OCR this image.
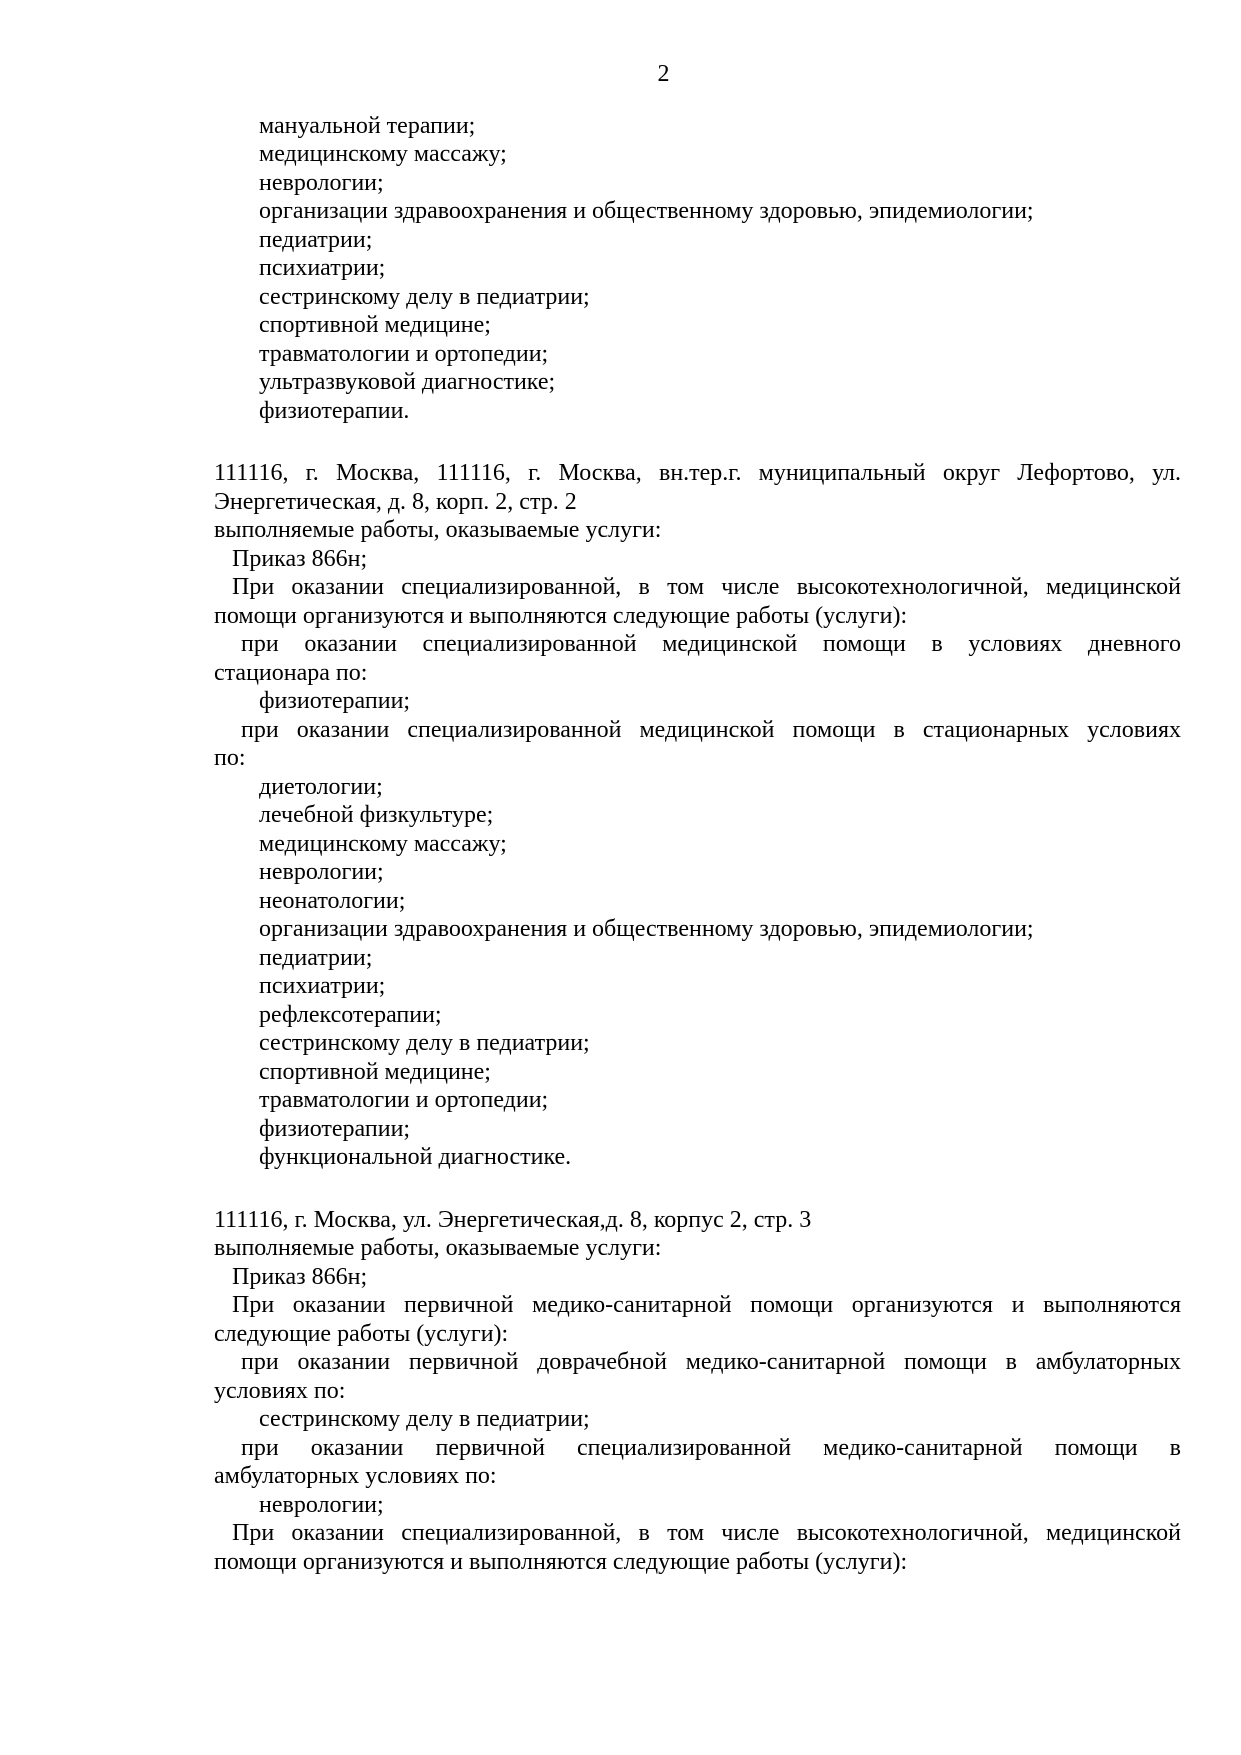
2
мануальной терапии;
медицинскому массажу;
неврологии;
организации здравоохранения и общественному здоровью, эпидемиологии;
педиатрии;
психиатрии;
сестринскому делу в педиатрии;
спортивной медицине;
травматологии и ортопедии;
ультразвуковой диагностике;
физиотерапии.
111116, г. Москва, 111116, г. Москва, вн.тер.г. муниципальный округ Лефортово, ул.
Энергетическая, д. 8, корп. 2, стр. 2
выполняемые работы, оказываемые услуги:
Приказ 866н;
При оказании специализированной, в том числе высокотехнологичной, медицинской
помощи организуются и выполняются следующие работы (услуги):
при оказании специализированной медицинской помощи в условиях дневного
стационара по:
физиотерапии;
при оказании специализированной медицинской помощи в стационарных условиях
по:
диетологии;
лечебной физкультуре;
медицинскому массажу;
неврологии;
неонатологии;
организации здравоохранения и общественному здоровью, эпидемиологии;
педиатрии;
психиатрии;
рефлексотерапии;
сестринскому делу в педиатрии;
спортивной медицине;
травматологии и ортопедии;
физиотерапии;
функциональной диагностике.
111116, г. Москва, ул. Энергетическая,д. 8, корпус 2, стр. 3
выполняемые работы, оказываемые услуги:
Приказ 866н;
При оказании первичной медико-санитарной помощи организуются и выполняются
следующие работы (услуги):
при оказании первичной доврачебной медико-санитарной помощи в амбулаторных
условиях по:
сестринскому делу в педиатрии;
при оказании первичной специализированной медико-санитарной помощи в
амбулаторных условиях по:
неврологии;
При оказании специализированной, в том числе высокотехнологичной, медицинской
помощи организуются и выполняются следующие работы (услуги):
